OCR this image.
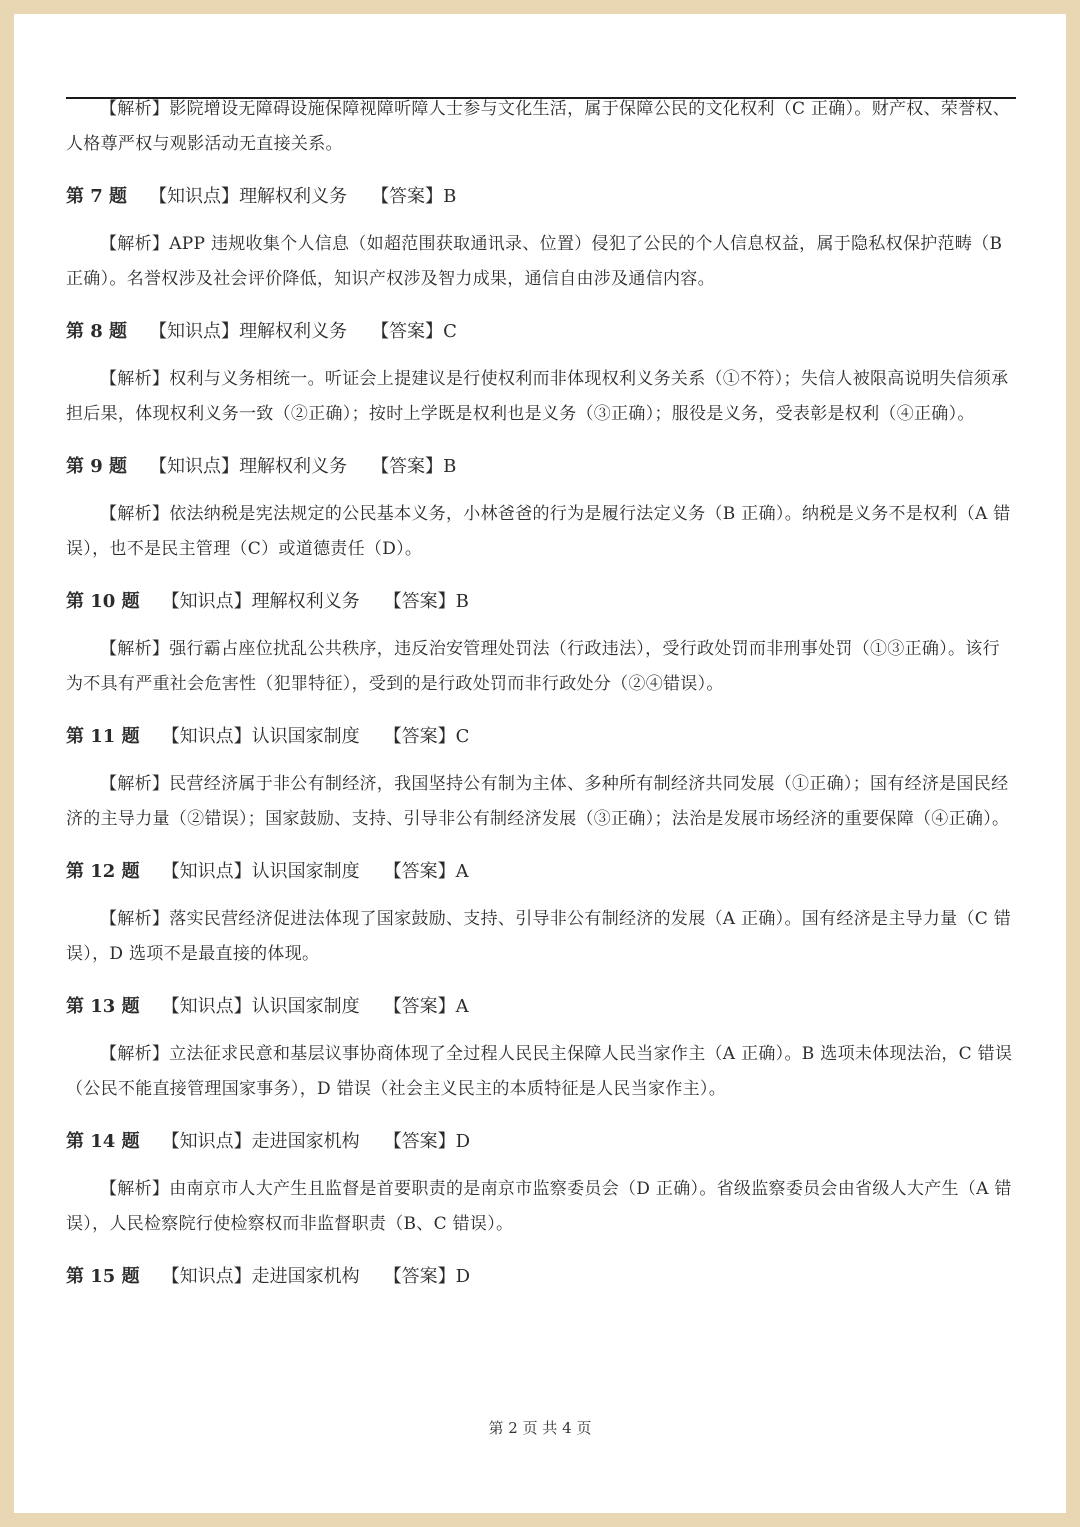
【解析】影院增设无障碍设施保障视障听障人士参与文化生活，属于保障公民的文化权利（C 正确）。财产权、荣誉权、人格尊严权与观影活动无直接关系。

第 7 题 【知识点】理解权利义务 【答案】B

【解析】APP 违规收集个人信息（如超范围获取通讯录、位置）侵犯了公民的个人信息权益，属于隐私权保护范畴（B 正确）。名誉权涉及社会评价降低，知识产权涉及智力成果，通信自由涉及通信内容。

第 8 题 【知识点】理解权利义务 【答案】C

【解析】权利与义务相统一。听证会上提建议是行使权利而非体现权利义务关系（①不符）；失信人被限高说明失信须承担后果，体现权利义务一致（②正确）；按时上学既是权利也是义务（③正确）；服役是义务，受表彰是权利（④正确）。

第 9 题 【知识点】理解权利义务 【答案】B

【解析】依法纳税是宪法规定的公民基本义务，小林爸爸的行为是履行法定义务（B 正确）。纳税是义务不是权利（A 错误），也不是民主管理（C）或道德责任（D）。

第 10 题 【知识点】理解权利义务 【答案】B

【解析】强行霸占座位扰乱公共秩序，违反治安管理处罚法（行政违法），受行政处罚而非刑事处罚（①③正确）。该行为不具有严重社会危害性（犯罪特征），受到的是行政处罚而非行政处分（②④错误）。

第 11 题 【知识点】认识国家制度 【答案】C

【解析】民营经济属于非公有制经济，我国坚持公有制为主体、多种所有制经济共同发展（①正确）；国有经济是国民经济的主导力量（②错误）；国家鼓励、支持、引导非公有制经济发展（③正确）；法治是发展市场经济的重要保障（④正确）。

第 12 题 【知识点】认识国家制度 【答案】A

【解析】落实民营经济促进法体现了国家鼓励、支持、引导非公有制经济的发展（A 正确）。国有经济是主导力量（C 错误），D 选项不是最直接的体现。

第 13 题 【知识点】认识国家制度 【答案】A

【解析】立法征求民意和基层议事协商体现了全过程人民民主保障人民当家作主（A 正确）。B 选项未体现法治，C 错误（公民不能直接管理国家事务），D 错误（社会主义民主的本质特征是人民当家作主）。

第 14 题 【知识点】走进国家机构 【答案】D

【解析】由南京市人大产生且监督是首要职责的是南京市监察委员会（D 正确）。省级监察委员会由省级人大产生（A 错误），人民检察院行使检察权而非监督职责（B、C 错误）。

第 15 题 【知识点】走进国家机构 【答案】D
第 2 页 共 4 页
